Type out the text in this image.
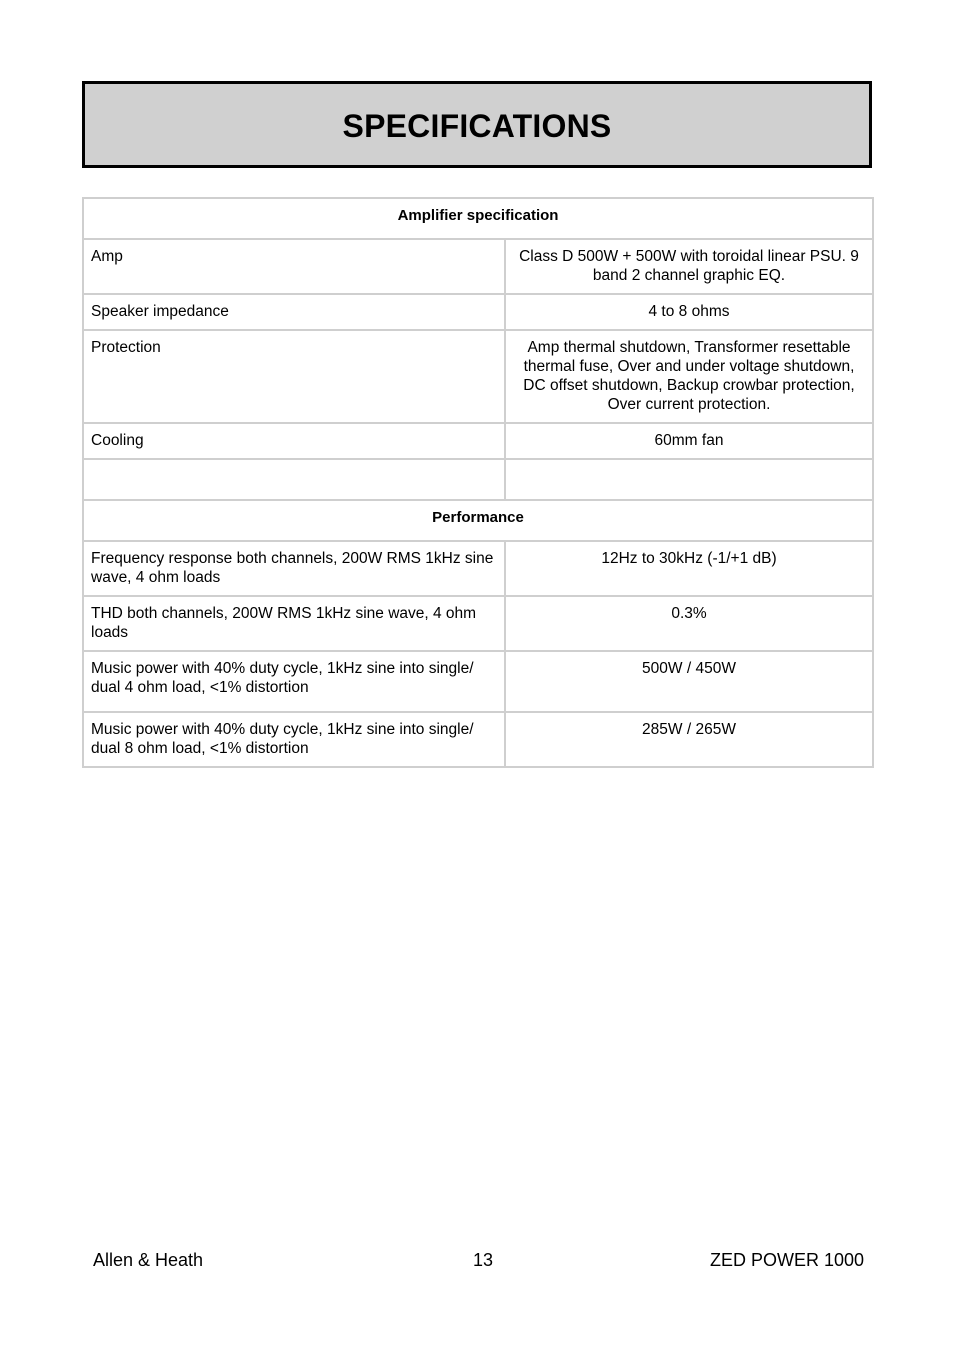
SPECIFICATIONS
Amplifier specification	
Amp	Class D 500W + 500W with toroidal linear PSU. 9 band 2 channel graphic EQ.

Speaker impedance	4 to 8 ohms
Protection	Amp thermal shutdown, Transformer resettable thermal fuse, Over and under voltage shutdown, DC offset shutdown, Backup crowbar protection, Over current protection.
Cooling	60mm fan

Performance	
Frequency response both channels, 200W RMS 1kHz sine wave, 4 ohm loads	12Hz to 30kHz (-1/+1 dB)
THD both channels, 200W RMS 1kHz sine wave, 4 ohm loads	0.3%
Music power with 40% duty cycle, 1kHz sine into single/ dual 4 ohm load, <1% distortion	500W / 450W
Music power with 40% duty cycle, 1kHz sine into single/ dual 8 ohm load, <1% distortion	285W / 265W
Allen & Heath	13	ZED POWER 1000
